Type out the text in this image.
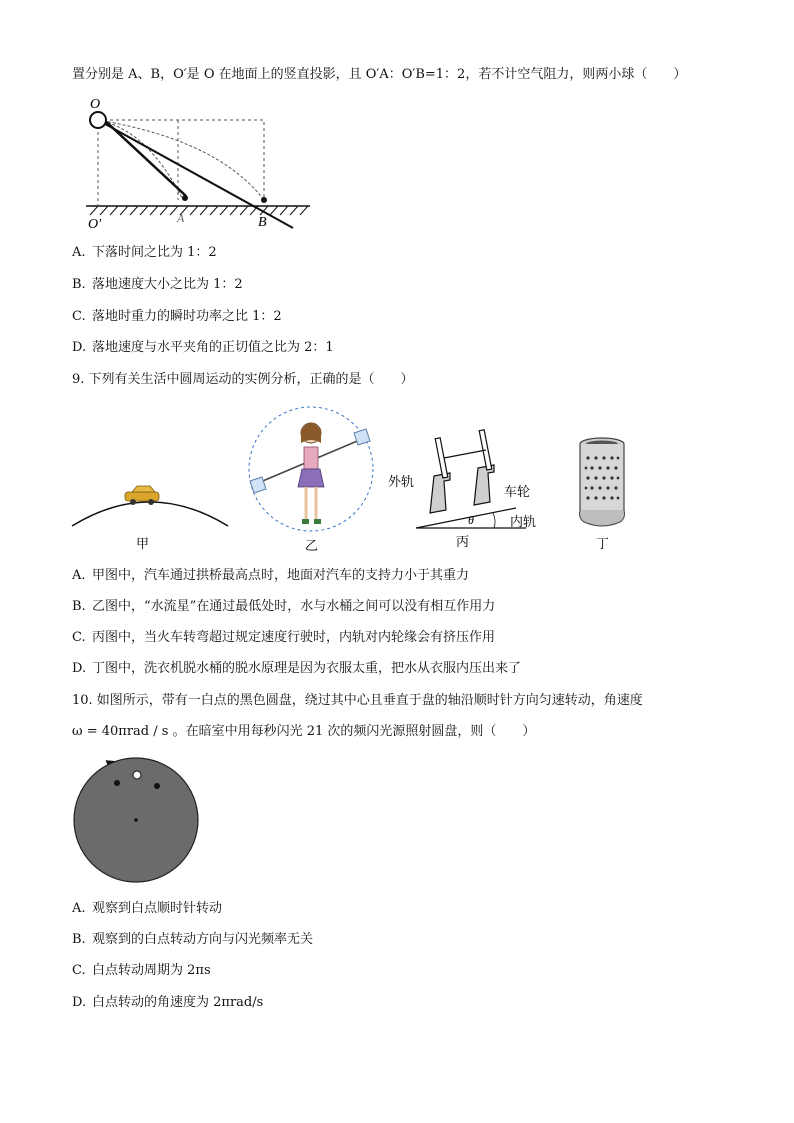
置分别是 A、B，O′是 O 在地面上的竖直投影，且 O′A：O′B=1：2，若不计空气阻力，则两小球（　　）
O
O′	A	B
A. 下落时间之比为 1：2
B. 落地速度大小之比为 1：2
C. 落地时重力的瞬时功率之比 1：2
D. 落地速度与水平夹角的正切值之比为 2：1
9. 下列有关生活中圆周运动的实例分析，正确的是（　　）
甲	乙
外轨
车轮
内轨
θ
丙	丁
A. 甲图中，汽车通过拱桥最高点时，地面对汽车的支持力小于其重力
B. 乙图中，“水流星”在通过最低处时，水与水桶之间可以没有相互作用力
C. 丙图中，当火车转弯超过规定速度行驶时，内轨对内轮缘会有挤压作用
D. 丁图中，洗衣机脱水桶的脱水原理是因为衣服太重，把水从衣服内压出来了
10. 如图所示，带有一白点的黑色圆盘，绕过其中心且垂直于盘的轴沿顺时针方向匀速转动，角速度
ω = 40πrad / s 。在暗室中用每秒闪光 21 次的频闪光源照射圆盘，则（　　）
A. 观察到白点顺时针转动
B. 观察到的白点转动方向与闪光频率无关
C. 白点转动周期为 2πs
D. 白点转动的角速度为 2πrad/s
